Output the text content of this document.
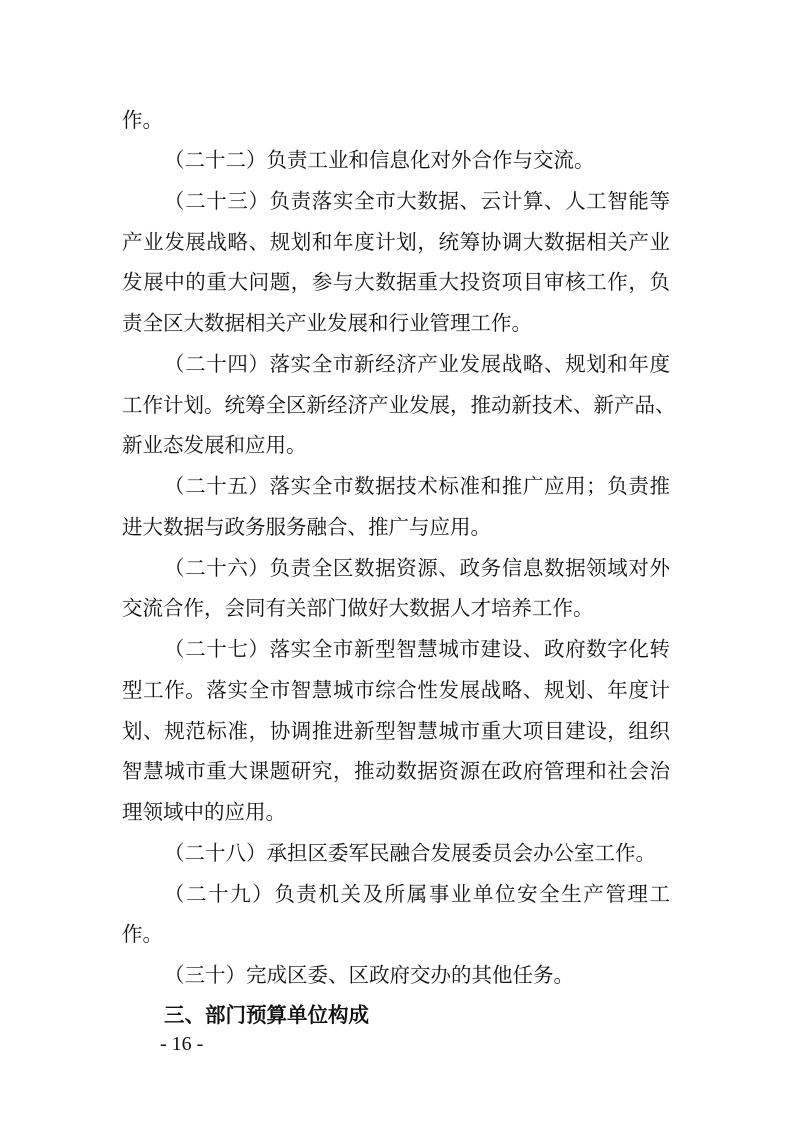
作。

（二十二）负责工业和信息化对外合作与交流。

（二十三）负责落实全市大数据、云计算、人工智能等

产业发展战略、规划和年度计划，统筹协调大数据相关产业

发展中的重大问题，参与大数据重大投资项目审核工作，负

责全区大数据相关产业发展和行业管理工作。

（二十四）落实全市新经济产业发展战略、规划和年度

工作计划。统筹全区新经济产业发展，推动新技术、新产品、

新业态发展和应用。

（二十五）落实全市数据技术标准和推广应用；负责推

进大数据与政务服务融合、推广与应用。

（二十六）负责全区数据资源、政务信息数据领域对外

交流合作，会同有关部门做好大数据人才培养工作。

（二十七）落实全市新型智慧城市建设、政府数字化转

型工作。落实全市智慧城市综合性发展战略、规划、年度计

划、规范标准，协调推进新型智慧城市重大项目建设，组织

智慧城市重大课题研究，推动数据资源在政府管理和社会治

理领域中的应用。

（二十八）承担区委军民融合发展委员会办公室工作。

（二十九）负责机关及所属事业单位安全生产管理工

作。

（三十）完成区委、区政府交办的其他任务。

三、部门预算单位构成

- 16 -
